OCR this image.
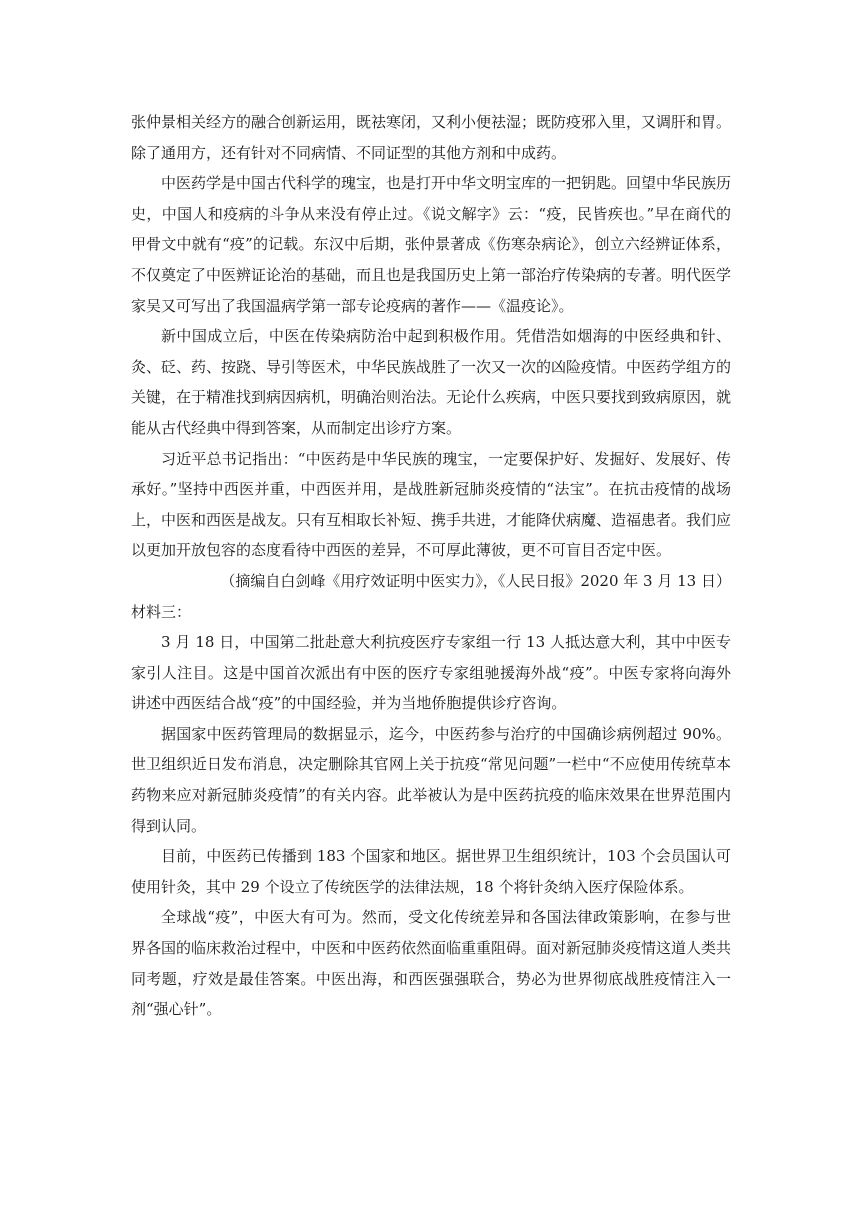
张仲景相关经方的融合创新运用，既祛寒闭，又利小便祛湿；既防疫邪入里，又调肝和胃。除了通用方，还有针对不同病情、不同证型的其他方剂和中成药。

中医药学是中国古代科学的瑰宝，也是打开中华文明宝库的一把钥匙。回望中华民族历史，中国人和疫病的斗争从来没有停止过。《说文解字》云：“疫，民皆疾也。”早在商代的甲骨文中就有“疫”的记载。东汉中后期，张仲景著成《伤寒杂病论》，创立六经辨证体系，不仅奠定了中医辨证论治的基础，而且也是我国历史上第一部治疗传染病的专著。明代医学家吴又可写出了我国温病学第一部专论疫病的著作——《温疫论》。

新中国成立后，中医在传染病防治中起到积极作用。凭借浩如烟海的中医经典和针、灸、砭、药、按跷、导引等医术，中华民族战胜了一次又一次的凶险疫情。中医药学组方的关键，在于精准找到病因病机，明确治则治法。无论什么疾病，中医只要找到致病原因，就能从古代经典中得到答案，从而制定出诊疗方案。

习近平总书记指出：“中医药是中华民族的瑰宝，一定要保护好、发掘好、发展好、传承好。”坚持中西医并重，中西医并用，是战胜新冠肺炎疫情的“法宝”。在抗击疫情的战场上，中医和西医是战友。只有互相取长补短、携手共进，才能降伏病魔、造福患者。我们应以更加开放包容的态度看待中西医的差异，不可厚此薄彼，更不可盲目否定中医。

（摘编自白剑峰《用疗效证明中医实力》，《人民日报》2020 年 3 月 13 日）

材料三：

3 月 18 日，中国第二批赴意大利抗疫医疗专家组一行 13 人抵达意大利，其中中医专家引人注目。这是中国首次派出有中医的医疗专家组驰援海外战“疫”。中医专家将向海外讲述中西医结合战“疫”的中国经验，并为当地侨胞提供诊疗咨询。

据国家中医药管理局的数据显示，迄今，中医药参与治疗的中国确诊病例超过 90%。世卫组织近日发布消息，决定删除其官网上关于抗疫“常见问题”一栏中“不应使用传统草本药物来应对新冠肺炎疫情”的有关内容。此举被认为是中医药抗疫的临床效果在世界范围内得到认同。

目前，中医药已传播到 183 个国家和地区。据世界卫生组织统计，103 个会员国认可使用针灸，其中 29 个设立了传统医学的法律法规，18 个将针灸纳入医疗保险体系。

全球战“疫”，中医大有可为。然而，受文化传统差异和各国法律政策影响，在参与世界各国的临床救治过程中，中医和中医药依然面临重重阻碍。面对新冠肺炎疫情这道人类共同考题，疗效是最佳答案。中医出海，和西医强强联合，势必为世界彻底战胜疫情注入一剂“强心针”。
